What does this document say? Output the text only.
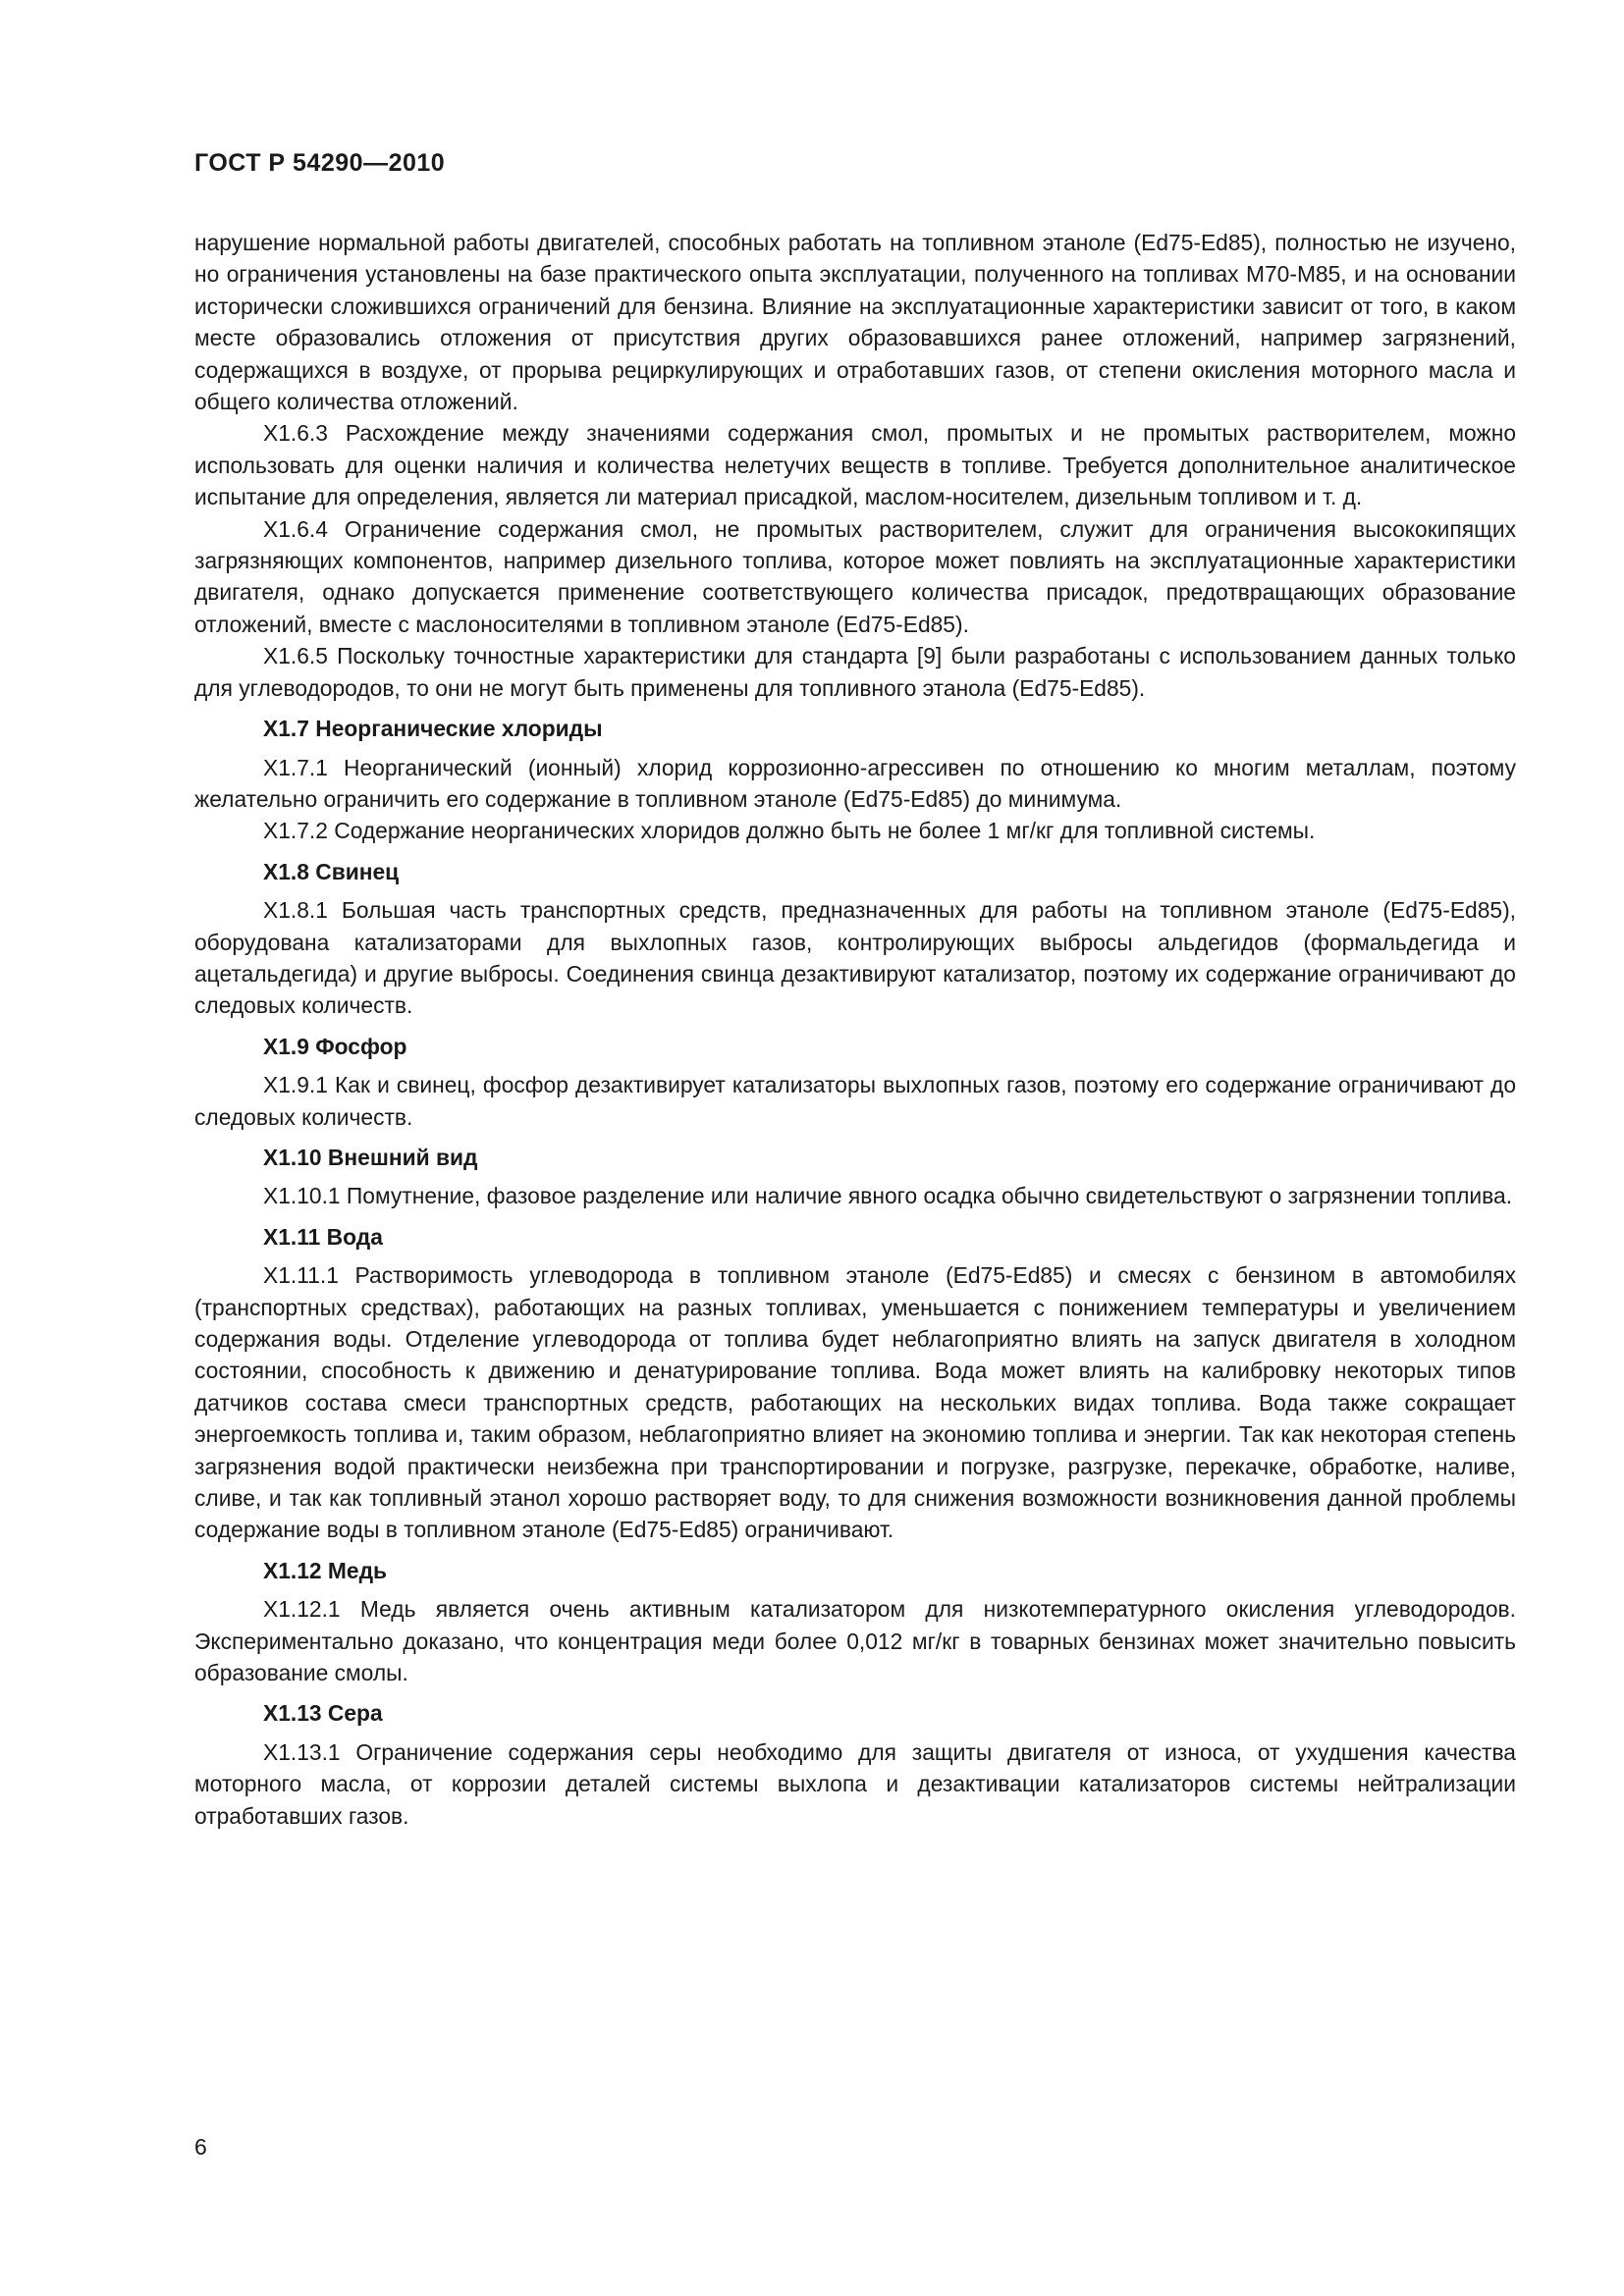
ГОСТ Р 54290—2010

нарушение нормальной работы двигателей, способных работать на топливном этаноле (Ed75-Ed85), полностью не изучено, но ограничения установлены на базе практического опыта эксплуатации, полученного на топливах М70-М85, и на основании исторически сложившихся ограничений для бензина. Влияние на эксплуатационные характеристики зависит от того, в каком месте образовались отложения от присутствия других образовавшихся ранее отложений, например загрязнений, содержащихся в воздухе, от прорыва рециркулирующих и отработавших газов, от степени окисления моторного масла и общего количества отложений.

Х1.6.3 Расхождение между значениями содержания смол, промытых и не промытых растворителем, можно использовать для оценки наличия и количества нелетучих веществ в топливе. Требуется дополнительное аналитическое испытание для определения, является ли материал присадкой, маслом-носителем, дизельным топливом и т. д.

Х1.6.4 Ограничение содержания смол, не промытых растворителем, служит для ограничения высококипящих загрязняющих компонентов, например дизельного топлива, которое может повлиять на эксплуатационные характеристики двигателя, однако допускается применение соответствующего количества присадок, предотвращающих образование отложений, вместе с маслоносителями в топливном этаноле (Ed75-Ed85).

Х1.6.5 Поскольку точностные характеристики для стандарта [9] были разработаны с использованием данных только для углеводородов, то они не могут быть применены для топливного этанола (Ed75-Ed85).

Х1.7 Неорганические хлориды

Х1.7.1 Неорганический (ионный) хлорид коррозионно-агрессивен по отношению ко многим металлам, поэтому желательно ограничить его содержание в топливном этаноле (Ed75-Ed85) до минимума.

Х1.7.2 Содержание неорганических хлоридов должно быть не более 1 мг/кг для топливной системы.

Х1.8 Свинец

Х1.8.1 Большая часть транспортных средств, предназначенных для работы на топливном этаноле (Ed75-Ed85), оборудована катализаторами для выхлопных газов, контролирующих выбросы альдегидов (формальдегида и ацетальдегида) и другие выбросы. Соединения свинца дезактивируют катализатор, поэтому их содержание ограничивают до следовых количеств.

Х1.9 Фосфор

Х1.9.1 Как и свинец, фосфор дезактивирует катализаторы выхлопных газов, поэтому его содержание ограничивают до следовых количеств.

Х1.10 Внешний вид

Х1.10.1 Помутнение, фазовое разделение или наличие явного осадка обычно свидетельствуют о загрязнении топлива.

Х1.11 Вода

Х1.11.1 Растворимость углеводорода в топливном этаноле (Ed75-Ed85) и смесях с бензином в автомобилях (транспортных средствах), работающих на разных топливах, уменьшается с понижением температуры и увеличением содержания воды. Отделение углеводорода от топлива будет неблагоприятно влиять на запуск двигателя в холодном состоянии, способность к движению и денатурирование топлива. Вода может влиять на калибровку некоторых типов датчиков состава смеси транспортных средств, работающих на нескольких видах топлива. Вода также сокращает энергоемкость топлива и, таким образом, неблагоприятно влияет на экономию топлива и энергии. Так как некоторая степень загрязнения водой практически неизбежна при транспортировании и погрузке, разгрузке, перекачке, обработке, наливе, сливе, и так как топливный этанол хорошо растворяет воду, то для снижения возможности возникновения данной проблемы содержание воды в топливном этаноле (Ed75-Ed85) ограничивают.

Х1.12 Медь

Х1.12.1 Медь является очень активным катализатором для низкотемпературного окисления углеводородов. Экспериментально доказано, что концентрация меди более 0,012 мг/кг в товарных бензинах может значительно повысить образование смолы.

Х1.13 Сера

Х1.13.1 Ограничение содержания серы необходимо для защиты двигателя от износа, от ухудшения качества моторного масла, от коррозии деталей системы выхлопа и дезактивации катализаторов системы нейтрализации отработавших газов.

6
